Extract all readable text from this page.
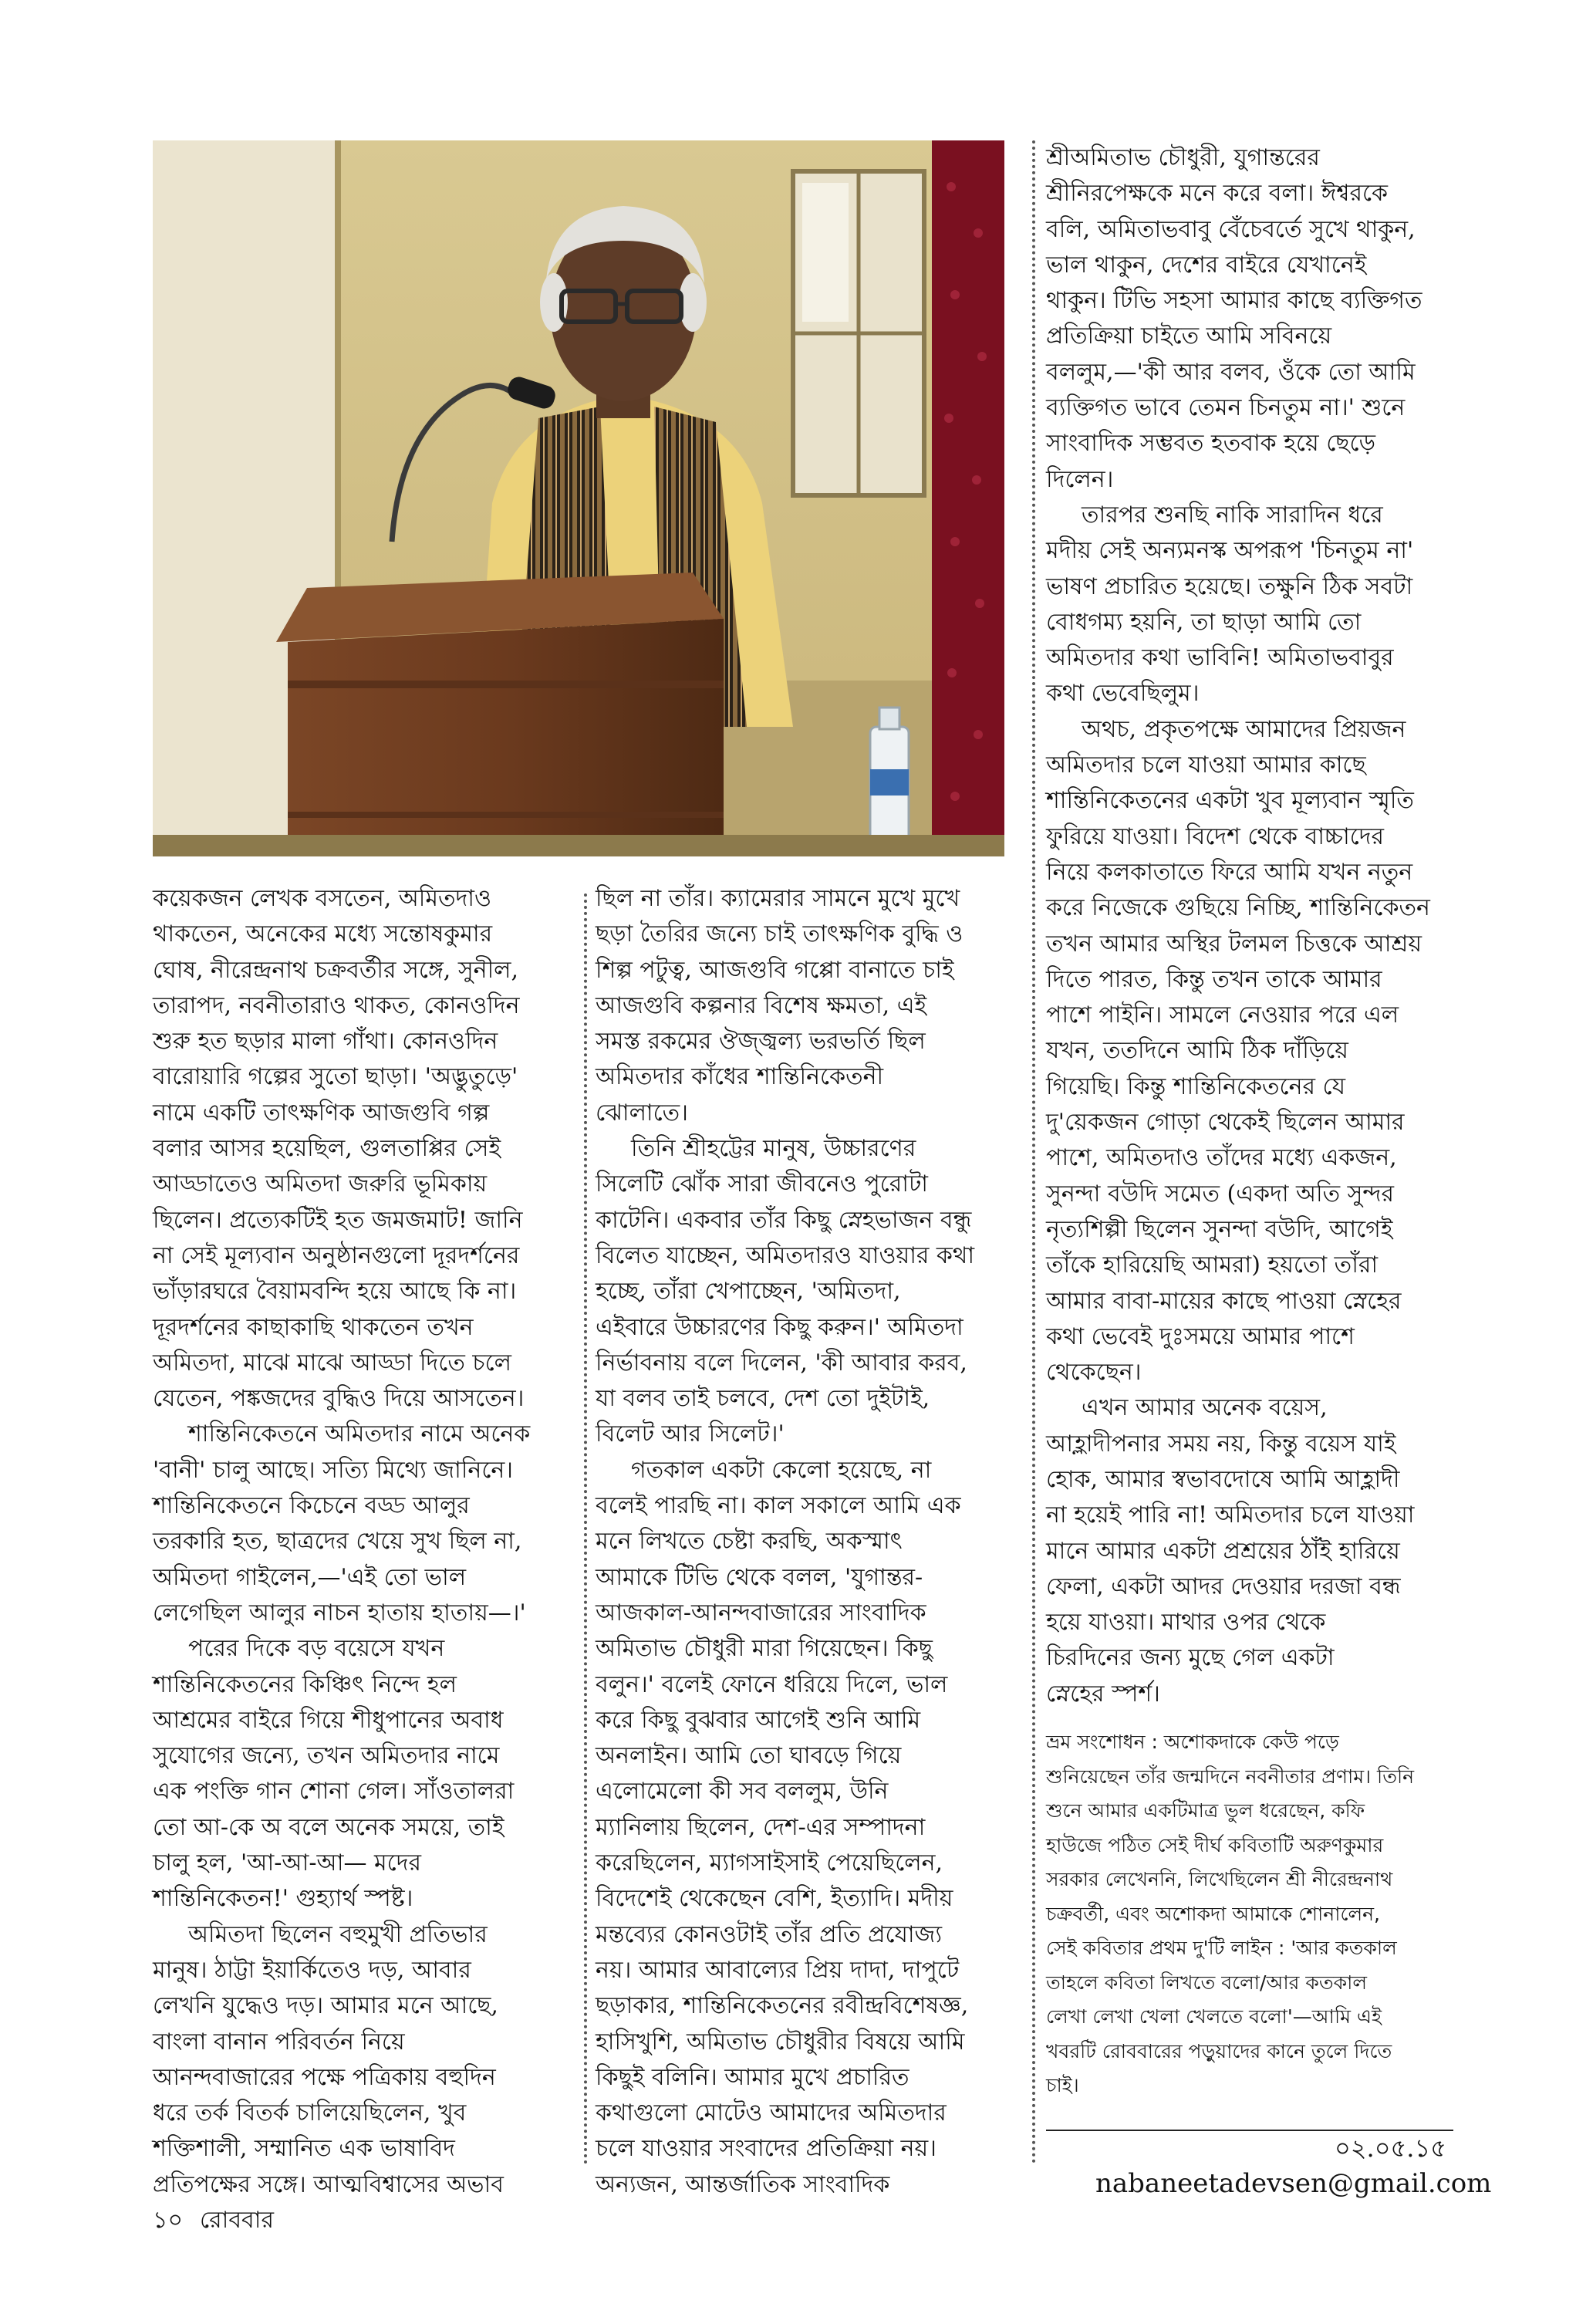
কয়েকজন লেখক বসতেন, অমিতদাও

থাকতেন, অনেকের মধ্যে সন্তোষকুমার

ঘোষ, নীরেন্দ্রনাথ চক্রবর্তীর সঙ্গে, সুনীল,

তারাপদ, নবনীতারাও থাকত, কোনওদিন

শুরু হত ছড়ার মালা গাঁথা। কোনওদিন

বারোয়ারি গল্পের সুতো ছাড়া। 'অদ্ভুতুড়ে'

নামে একটি তাৎক্ষণিক আজগুবি গল্প

বলার আসর হয়েছিল, গুলতাপ্পির সেই

আড্ডাতেও অমিতদা জরুরি ভূমিকায়

ছিলেন। প্রত্যেকটিই হত জমজমাট! জানি

না সেই মূল্যবান অনুষ্ঠানগুলো দূরদর্শনের

ভাঁড়ারঘরে বৈয়ামবন্দি হয়ে আছে কি না।

দূরদর্শনের কাছাকাছি থাকতেন তখন

অমিতদা, মাঝে মাঝে আড্ডা দিতে চলে

যেতেন, পঙ্কজদের বুদ্ধিও দিয়ে আসতেন।

শান্তিনিকেতনে অমিতদার নামে অনেক

'বানী' চালু আছে। সত্যি মিথ্যে জানিনে।

শান্তিনিকেতনে কিচেনে বড্ড আলুর

তরকারি হত, ছাত্রদের খেয়ে সুখ ছিল না,

অমিতদা গাইলেন,—'এই তো ভাল

লেগেছিল আলুর নাচন হাতায় হাতায়—।'

পরের দিকে বড় বয়েসে যখন

শান্তিনিকেতনের কিঞ্চিৎ নিন্দে হল

আশ্রমের বাইরে গিয়ে শীধুপানের অবাধ

সুযোগের জন্যে, তখন অমিতদার নামে

এক পংক্তি গান শোনা গেল। সাঁওতালরা

তো আ-কে অ বলে অনেক সময়ে, তাই

চালু হল, 'আ-আ-আ— মদের

শান্তিনিকেতন!' গুহ্যার্থ স্পষ্ট।

অমিতদা ছিলেন বহুমুখী প্রতিভার

মানুষ। ঠাট্টা ইয়ার্কিতেও দড়, আবার

লেখনি যুদ্ধেও দড়। আমার মনে আছে,

বাংলা বানান পরিবর্তন নিয়ে

আনন্দবাজারের পক্ষে পত্রিকায় বহুদিন

ধরে তর্ক বিতর্ক চালিয়েছিলেন, খুব

শক্তিশালী, সম্মানিত এক ভাষাবিদ

প্রতিপক্ষের সঙ্গে। আত্মবিশ্বাসের অভাব

ছিল না তাঁর। ক্যামেরার সামনে মুখে মুখে

ছড়া তৈরির জন্যে চাই তাৎক্ষণিক বুদ্ধি ও

শিল্প পটুত্ব, আজগুবি গপ্পো বানাতে চাই

আজগুবি কল্পনার বিশেষ ক্ষমতা, এই

সমস্ত রকমের ঔজ্জ্বল্য ভরভর্তি ছিল

অমিতদার কাঁধের শান্তিনিকেতনী

ঝোলাতে।

তিনি শ্রীহট্টের মানুষ, উচ্চারণের

সিলেটি ঝোঁক সারা জীবনেও পুরোটা

কাটেনি। একবার তাঁর কিছু স্নেহভাজন বন্ধু

বিলেত যাচ্ছেন, অমিতদারও যাওয়ার কথা

হচ্ছে, তাঁরা খেপাচ্ছেন, 'অমিতদা,

এইবারে উচ্চারণের কিছু করুন।' অমিতদা

নির্ভাবনায় বলে দিলেন, 'কী আবার করব,

যা বলব তাই চলবে, দেশ তো দুইটাই,

বিলেট আর সিলেট।'

গতকাল একটা কেলো হয়েছে, না

বলেই পারছি না। কাল সকালে আমি এক

মনে লিখতে চেষ্টা করছি, অকস্মাৎ

আমাকে টিভি থেকে বলল, 'যুগান্তর-

আজকাল-আনন্দবাজারের সাংবাদিক

অমিতাভ চৌধুরী মারা গিয়েছেন। কিছু

বলুন।' বলেই ফোনে ধরিয়ে দিলে, ভাল

করে কিছু বুঝবার আগেই শুনি আমি

অনলাইন। আমি তো ঘাবড়ে গিয়ে

এলোমেলো কী সব বললুম, উনি

ম্যানিলায় ছিলেন, দেশ-এর সম্পাদনা

করেছিলেন, ম্যাগসাইসাই পেয়েছিলেন,

বিদেশেই থেকেছেন বেশি, ইত্যাদি। মদীয়

মন্তব্যের কোনওটাই তাঁর প্রতি প্রযোজ্য

নয়। আমার আবাল্যের প্রিয় দাদা, দাপুটে

ছড়াকার, শান্তিনিকেতনের রবীন্দ্রবিশেষজ্ঞ,

হাসিখুশি, অমিতাভ চৌধুরীর বিষয়ে আমি

কিছুই বলিনি। আমার মুখে প্রচারিত

কথাগুলো মোটেও আমাদের অমিতদার

চলে যাওয়ার সংবাদের প্রতিক্রিয়া নয়।

অন্যজন, আন্তর্জাতিক সাংবাদিক

শ্রীঅমিতাভ চৌধুরী, যুগান্তরের

শ্রীনিরপেক্ষকে মনে করে বলা। ঈশ্বরকে

বলি, অমিতাভবাবু বেঁচেবর্তে সুখে থাকুন,

ভাল থাকুন, দেশের বাইরে যেখানেই

থাকুন। টিভি সহসা আমার কাছে ব্যক্তিগত

প্রতিক্রিয়া চাইতে আমি সবিনয়ে

বললুম,—'কী আর বলব, ওঁকে তো আমি

ব্যক্তিগত ভাবে তেমন চিনতুম না।' শুনে

সাংবাদিক সম্ভবত হতবাক হয়ে ছেড়ে

দিলেন।

তারপর শুনছি নাকি সারাদিন ধরে

মদীয় সেই অন্যমনস্ক অপরূপ 'চিনতুম না'

ভাষণ প্রচারিত হয়েছে। তক্ষুনি ঠিক সবটা

বোধগম্য হয়নি, তা ছাড়া আমি তো

অমিতদার কথা ভাবিনি! অমিতাভবাবুর

কথা ভেবেছিলুম।

অথচ, প্রকৃতপক্ষে আমাদের প্রিয়জন

অমিতদার চলে যাওয়া আমার কাছে

শান্তিনিকেতনের একটা খুব মূল্যবান স্মৃতি

ফুরিয়ে যাওয়া। বিদেশ থেকে বাচ্চাদের

নিয়ে কলকাতাতে ফিরে আমি যখন নতুন

করে নিজেকে গুছিয়ে নিচ্ছি, শান্তিনিকেতন

তখন আমার অস্থির টলমল চিত্তকে আশ্রয়

দিতে পারত, কিন্তু তখন তাকে আমার

পাশে পাইনি। সামলে নেওয়ার পরে এল

যখন, ততদিনে আমি ঠিক দাঁড়িয়ে

গিয়েছি। কিন্তু শান্তিনিকেতনের যে

দু'য়েকজন গোড়া থেকেই ছিলেন আমার

পাশে, অমিতদাও তাঁদের মধ্যে একজন,

সুনন্দা বউদি সমেত (একদা অতি সুন্দর

নৃত্যশিল্পী ছিলেন সুনন্দা বউদি, আগেই

তাঁকে হারিয়েছি আমরা) হয়তো তাঁরা

আমার বাবা-মায়ের কাছে পাওয়া স্নেহের

কথা ভেবেই দুঃসময়ে আমার পাশে

থেকেছেন।

এখন আমার অনেক বয়েস,

আহ্লাদীপনার সময় নয়, কিন্তু বয়েস যাই

হোক, আমার স্বভাবদোষে আমি আহ্লাদী

না হয়েই পারি না! অমিতদার চলে যাওয়া

মানে আমার একটা প্রশ্রয়ের ঠাঁই হারিয়ে

ফেলা, একটা আদর দেওয়ার দরজা বন্ধ

হয়ে যাওয়া। মাথার ওপর থেকে

চিরদিনের জন্য মুছে গেল একটা

স্নেহের স্পর্শ।

ভ্রম সংশোধন : অশোকদাকে কেউ পড়ে

শুনিয়েছেন তাঁর জন্মদিনে নবনীতার প্রণাম। তিনি

শুনে আমার একটিমাত্র ভুল ধরেছেন, কফি

হাউজে পঠিত সেই দীর্ঘ কবিতাটি অরুণকুমার

সরকার লেখেননি, লিখেছিলেন শ্রী নীরেন্দ্রনাথ

চক্রবর্তী, এবং অশোকদা আমাকে শোনালেন,

সেই কবিতার প্রথম দু'টি লাইন : 'আর কতকাল

তাহলে কবিতা লিখতে বলো/আর কতকাল

লেখা লেখা খেলা খেলতে বলো'—আমি এই

খবরটি রোববারের পড়ুয়াদের কানে তুলে দিতে

চাই।

০২.০৫.১৫
nabaneetadevsen@gmail.com
১০ রোববার
